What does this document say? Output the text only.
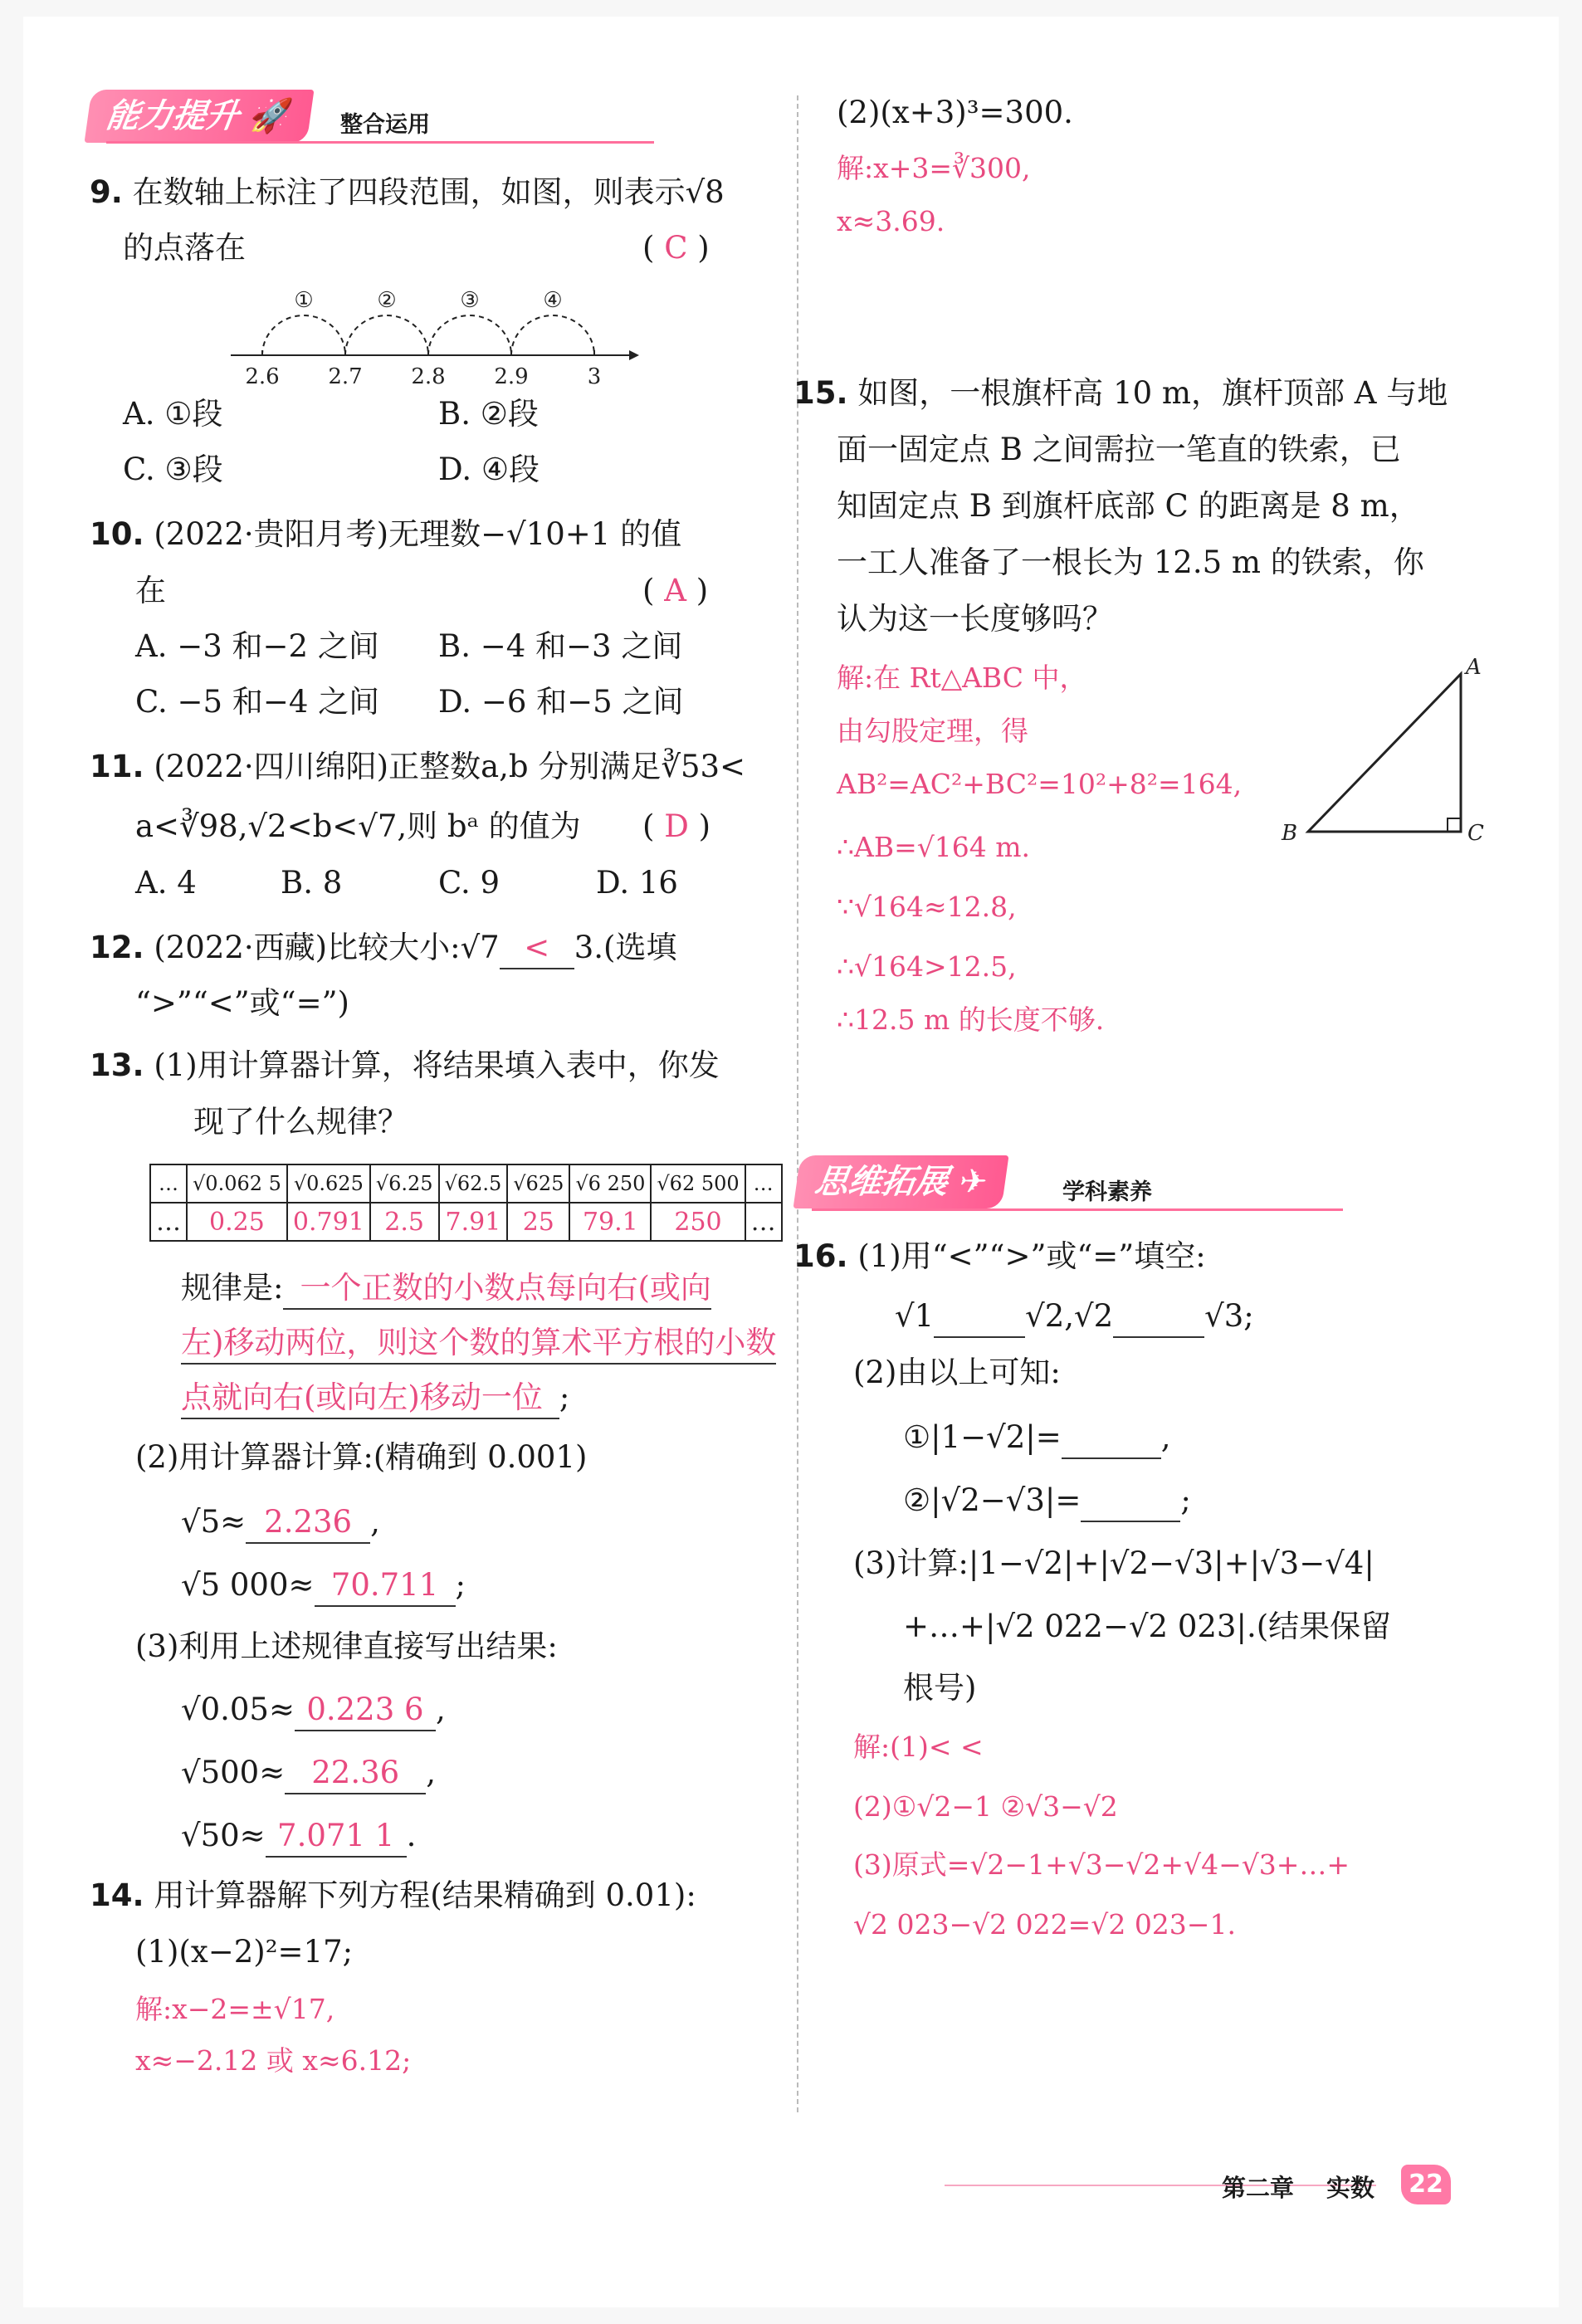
能力提升 🚀	整合运用
9. 在数轴上标注了四段范围，如图，则表示√8
的点落在	( C )
①	②	③	④
2.6 2.7 2.8 2.9	3
A. ①段	B. ②段
C. ③段	D. ④段
10. (2022·贵阳月考)无理数−√10+1 的值
在	( A )
A. −3 和−2 之间 B. −4 和−3 之间
C. −5 和−4 之间 D. −6 和−5 之间
11. (2022·四川绵阳)正整数a,b 分别满足∛53<
a<∛98,√2<b<√7,则 bᵃ 的值为 ( D )
A. 4	B. 8	C. 9	D. 16
12. (2022·西藏)比较大小:√7 < 3.(选填
“>”“<”或“=”)
13. (1)用计算器计算，将结果填入表中，你发
现了什么规律？
…	√0.062 5	√0.625	√6.25	√62.5	√625	√6 250	√62 500	…
…	0.25	0.791	2.5	7.91	25	79.1	250	…
规律是: 一个正数的小数点每向右(或向
左)移动两位，则这个数的算术平方根的小数
点就向右(或向左)移动一位 ;
(2)用计算器计算:(精确到 0.001)
√5≈ 2.236 ,
√5 000≈ 70.711 ;
(3)利用上述规律直接写出结果:
√0.05≈ 0.223 6 ,
√500≈ 22.36 ,
√50≈ 7.071 1 .
14. 用计算器解下列方程(结果精确到 0.01):
(1)(x−2)²=17;
解:x−2=±√17,
x≈−2.12 或 x≈6.12;
(2)(x+3)³=300.
解:x+3=∛300,
x≈3.69.
15. 如图，一根旗杆高 10 m，旗杆顶部 A 与地
面一固定点 B 之间需拉一笔直的铁索，已
知固定点 B 到旗杆底部 C 的距离是 8 m，
一工人准备了一根长为 12.5 m 的铁索，你
认为这一长度够吗？
解:在 Rt△ABC 中，
由勾股定理，得
AB²=AC²+BC²=10²+8²=164,
∴AB=√164 m.
∵√164≈12.8,
∴√164>12.5,
∴12.5 m 的长度不够.
A
B	C
思维拓展 ✈	学科素养
16. (1)用“<”“>”或“=”填空:
√1	√2,√2	√3;
(2)由以上可知:
①|1−√2|=	,
②|√2−√3|=	;
(3)计算:|1−√2|+|√2−√3|+|√3−√4|
+…+|√2 022−√2 023|.(结果保留
根号)
解:(1)< <
(2)①√2−1 ②√3−√2
(3)原式=√2−1+√3−√2+√4−√3+…+
√2 023−√2 022=√2 023−1.
第二章 实数	22
